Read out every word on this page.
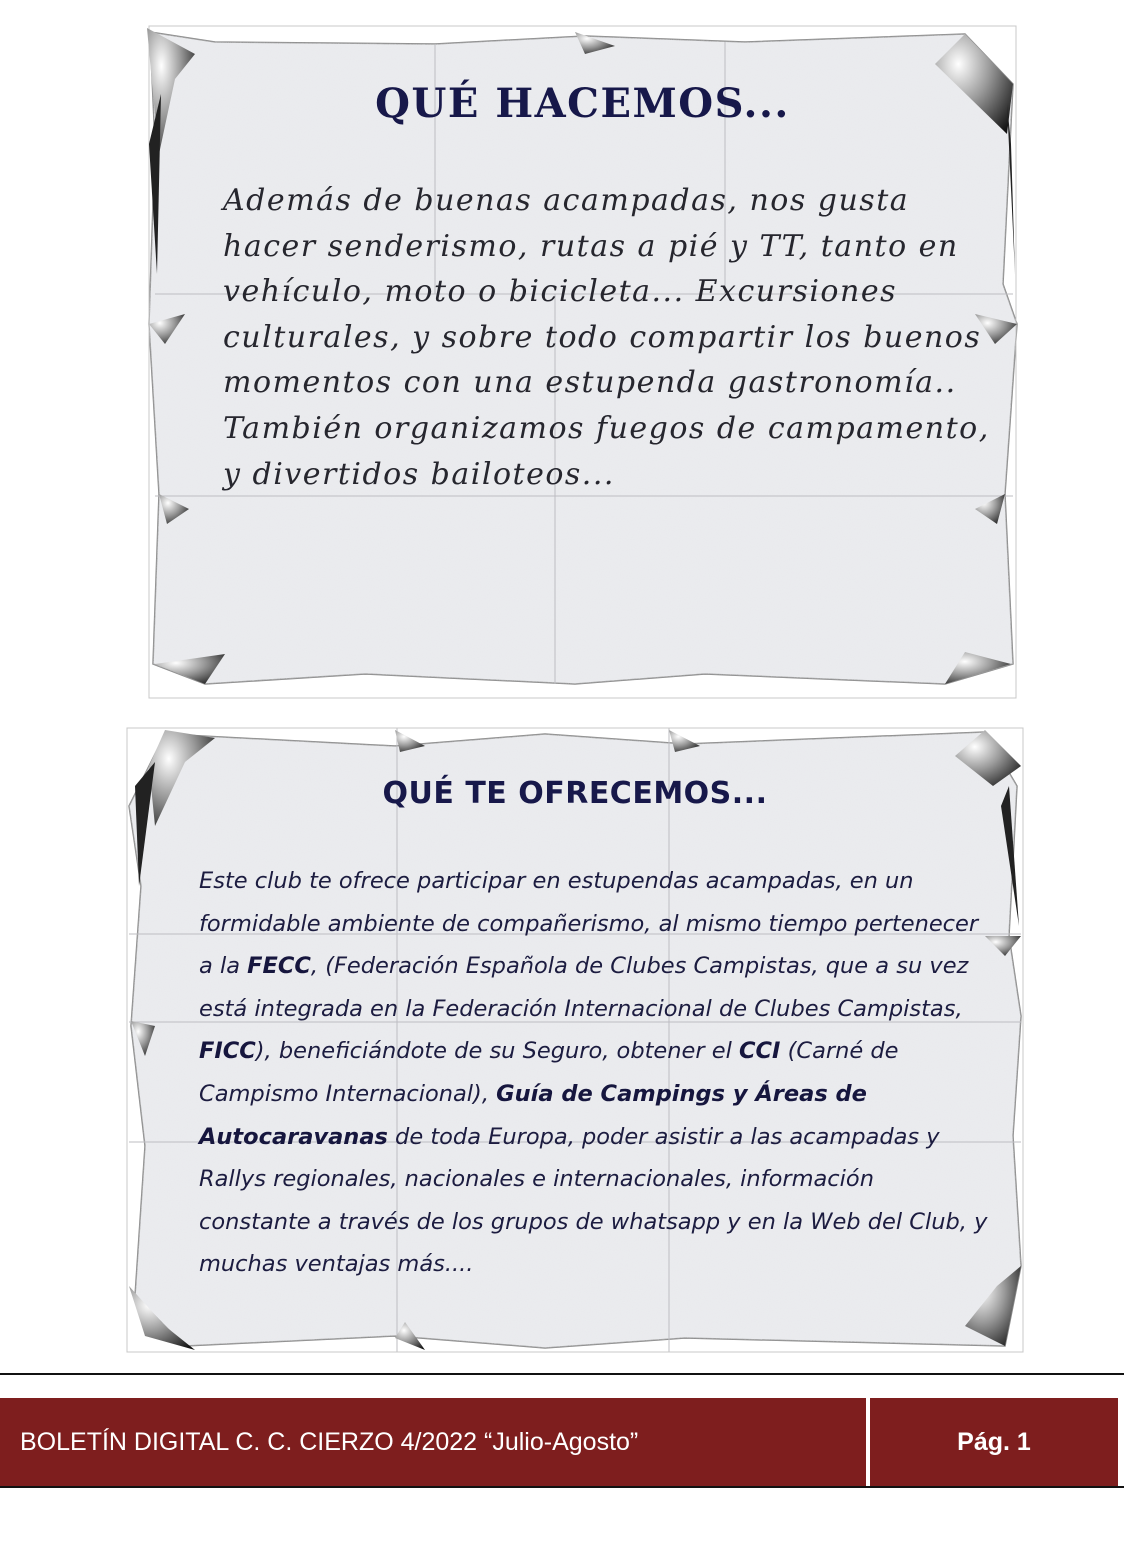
QUÉ HACEMOS...

Además de buenas acampadas, nos gusta hacer senderismo, rutas a pié y TT, tanto en vehículo, moto o bicicleta... Excursiones culturales, y sobre todo compartir los buenos momentos con una estupenda gastronomía.. También organizamos fuegos de campamento, y divertidos bailoteos...

QUÉ TE OFRECEMOS...

Este club te ofrece participar en estupendas acampadas, en un formidable ambiente de compañerismo, al mismo tiempo pertenecer a la FECC, (Federación Española de Clubes Campistas, que a su vez está integrada en la Federación Internacional de Clubes Campistas, FICC), beneficiándote de su Seguro, obtener el CCI (Carné de Campismo Internacional), Guía de Campings y Áreas de Autocaravanas de toda Europa, poder asistir a las acampadas y Rallys regionales, nacionales e internacionales, información constante a través de los grupos de whatsapp y en la Web del Club, y muchas ventajas más....

BOLETÍN DIGITAL C. C. CIERZO 4/2022 “Julio-Agosto”	Pág. 1
